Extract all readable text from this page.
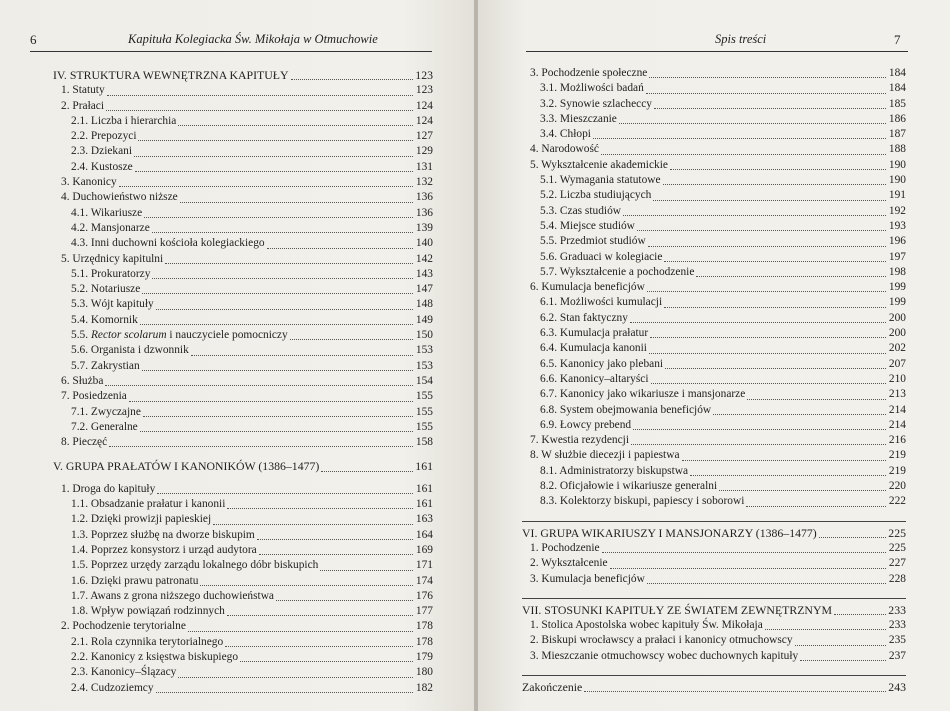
6	Kapituła Kolegiacka Św. Mikołaja w Otmuchowie
IV. STRUKTURA WEWNĘTRZNA KAPITUŁY	123
1. Statuty	123
2. Prałaci	124
2.1. Liczba i hierarchia	124
2.2. Prepozyci	127
2.3. Dziekani	129
2.4. Kustosze	131
3. Kanonicy	132
4. Duchowieństwo niższe	136
4.1. Wikariusze	136
4.2. Mansjonarze	139
4.3. Inni duchowni kościoła kolegiackiego	140
5. Urzędnicy kapitulni	142
5.1. Prokuratorzy	143
5.2. Notariusze	147
5.3. Wójt kapituły	148
5.4. Komornik	149
5.5. Rector scolarum i nauczyciele pomocniczy	150
5.6. Organista i dzwonnik	153
5.7. Zakrystian	153
6. Służba	154
7. Posiedzenia	155
7.1. Zwyczajne	155
7.2. Generalne	155
8. Pieczęć	158
V. GRUPA PRAŁATÓW I KANONIKÓW (1386–1477)	161
1. Droga do kapituły	161
1.1. Obsadzanie prałatur i kanonii	161
1.2. Dzięki prowizji papieskiej	163
1.3. Poprzez służbę na dworze biskupim	164
1.4. Poprzez konsystorz i urząd audytora	169
1.5. Poprzez urzędy zarządu lokalnego dóbr biskupich	171
1.6. Dzięki prawu patronatu	174
1.7. Awans z grona niższego duchowieństwa	176
1.8. Wpływ powiązań rodzinnych	177
2. Pochodzenie terytorialne	178
2.1. Rola czynnika terytorialnego	178
2.2. Kanonicy z księstwa biskupiego	179
2.3. Kanonicy–Ślązacy	180
2.4. Cudzoziemcy	182
Spis treści	7
3. Pochodzenie społeczne	184
3.1. Możliwości badań	184
3.2. Synowie szlacheccy	185
3.3. Mieszczanie	186
3.4. Chłopi	187
4. Narodowość	188
5. Wykształcenie akademickie	190
5.1. Wymagania statutowe	190
5.2. Liczba studiujących	191
5.3. Czas studiów	192
5.4. Miejsce studiów	193
5.5. Przedmiot studiów	196
5.6. Graduaci w kolegiacie	197
5.7. Wykształcenie a pochodzenie	198
6. Kumulacja beneficjów	199
6.1. Możliwości kumulacji	199
6.2. Stan faktyczny	200
6.3. Kumulacja prałatur	200
6.4. Kumulacja kanonii	202
6.5. Kanonicy jako plebani	207
6.6. Kanonicy–altaryści	210
6.7. Kanonicy jako wikariusze i mansjonarze	213
6.8. System obejmowania beneficjów	214
6.9. Łowcy prebend	214
7. Kwestia rezydencji	216
8. W służbie diecezji i papiestwa	219
8.1. Administratorzy biskupstwa	219
8.2. Oficjałowie i wikariusze generalni	220
8.3. Kolektorzy biskupi, papiescy i soborowi	222
VI. GRUPA WIKARIUSZY I MANSJONARZY (1386–1477)	225
1. Pochodzenie	225
2. Wykształcenie	227
3. Kumulacja beneficjów	228
VII. STOSUNKI KAPITUŁY ZE ŚWIATEM ZEWNĘTRZNYM	233
1. Stolica Apostolska wobec kapituły Św. Mikołaja	233
2. Biskupi wrocławscy a prałaci i kanonicy otmuchowscy	235
3. Mieszczanie otmuchowscy wobec duchownych kapituły	237
Zakończenie	243
